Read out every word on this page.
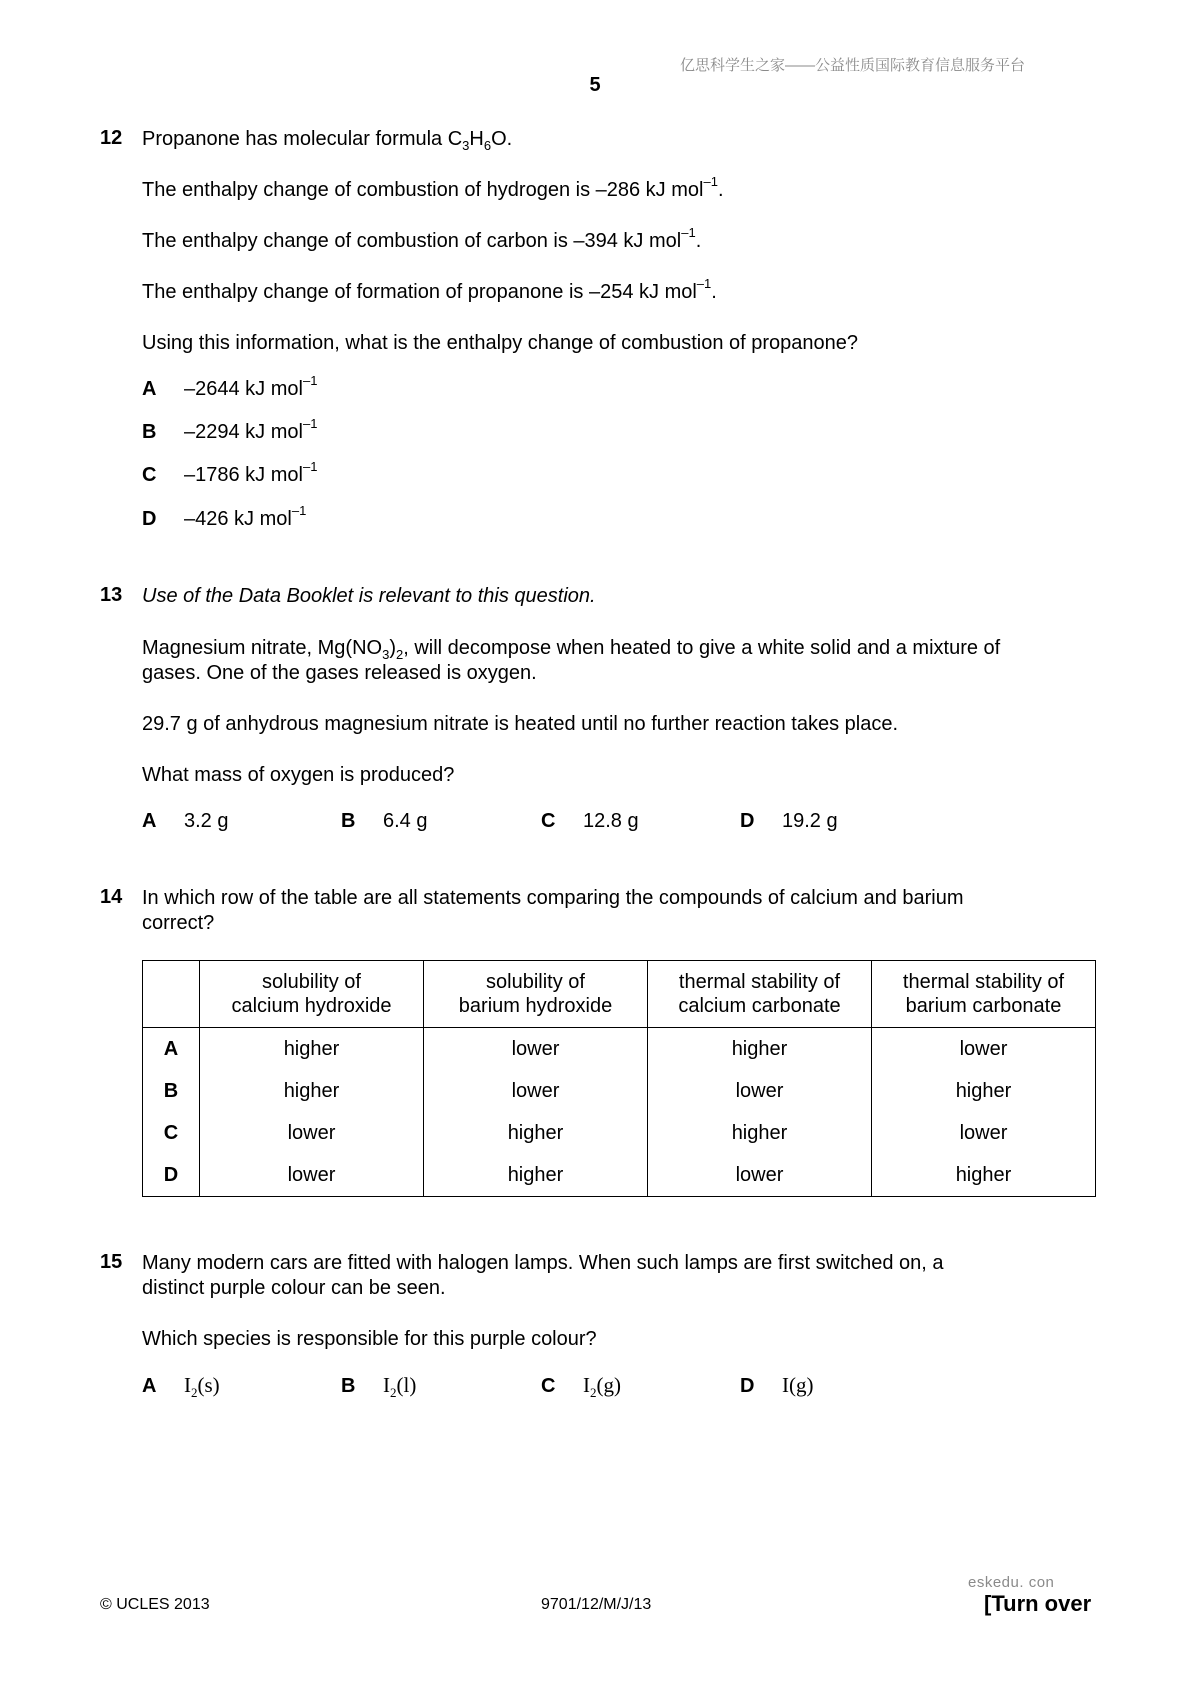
亿思科学生之家——公益性质国际教育信息服务平台
5
12 Propanone has molecular formula $C_3H_6O$.
The enthalpy change of combustion of hydrogen is –286 kJ mol$^{-1}$.
The enthalpy change of combustion of carbon is –394 kJ mol$^{-1}$.
The enthalpy change of formation of propanone is –254 kJ mol$^{-1}$.
Using this information, what is the enthalpy change of combustion of propanone?
A –2644 kJ mol$^{-1}$
B –2294 kJ mol$^{-1}$
C –1786 kJ mol$^{-1}$
D –426 kJ mol$^{-1}$
13 Use of the Data Booklet is relevant to this question.
Magnesium nitrate, $Mg(NO_3)_2$, will decompose when heated to give a white solid and a mixture of
gases. One of the gases released is oxygen.
29.7 g of anhydrous magnesium nitrate is heated until no further reaction takes place.
What mass of oxygen is produced?
A 3.2 g	B 6.4 g	C 12.8 g	D 19.2 g
14 In which row of the table are all statements comparing the compounds of calcium and barium
correct?
	solubility of
calcium hydroxide	solubility of
barium hydroxide	thermal stability of
calcium carbonate	thermal stability of
barium carbonate
A	higher	lower	higher	lower
B	higher	lower	lower	higher
C	lower	higher	higher	lower
D	lower	higher	lower	higher
15 Many modern cars are fitted with halogen lamps. When such lamps are first switched on, a
distinct purple colour can be seen.
Which species is responsible for this purple colour?
A $I_2(s)$	B $I_2(l)$	C $I_2(g)$	D I(g)
eskedu. con
© UCLES 2013	9701/12/M/J/13	[Turn over
